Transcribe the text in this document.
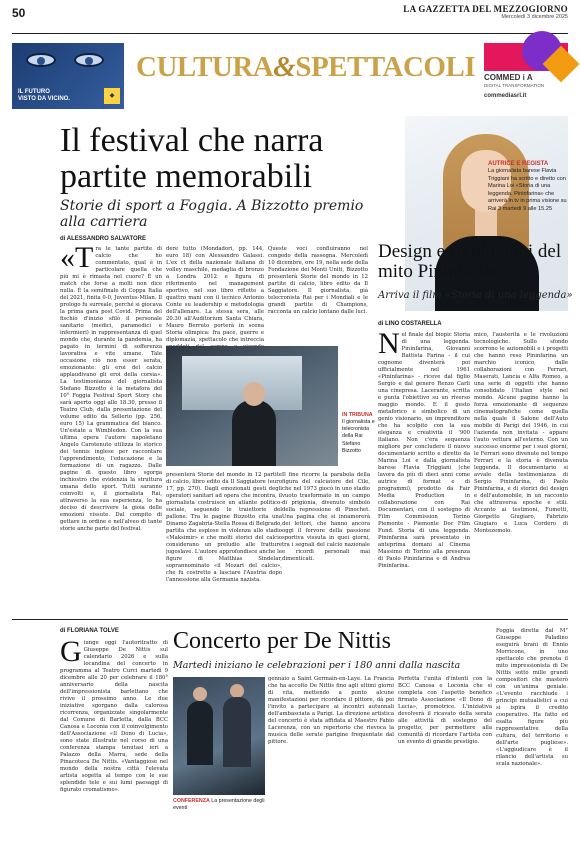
50	LA GAZZETTA DEL MEZZOGIORNO
Mercoledì 3 dicembre 2025
IL FUTURO
VISTO DA VICINO.	◆
CULTURA&SPETTACOLI COMMED i A
DIGITAL TRANSFORMATION
commediasrl.it
Il festival che narra partite memorabili
Storie di sport a Foggia. A Bizzotto premio alla carriera
AUTRICE E REGISTA
La giornalista barese Flavia Triggiani ha scritto e diretto con Marina Loi «Storia di una leggenda. Pininfarina» che arriverà in tv in prima visione su Rai 3 martedì 9 alle 15.25
di ALESSANDRO SALVATORE
«Tra le tante partite di calcio che ho commentato, qual è in particolare quella che più mi è rimasta nel cuore? È un match che forse a molti non dice nulla. È la semifinale di Coppa Italia del 2021, finita 0-0, Juventus-Milan. Il prologo fu surreale, perché si giocava la prima gara post Covid. Prima del fischio d'inizio sfilò il personale sanitario (medici, paramedici e infermieri) in rappresentanza di quel mondo che, durante la pandemia, ha pagato in termini di sofferenza lavorativa e vite umane. Tale occasione ciò non esser serata, emozionante: gli eroi del calcio applaudivano gli eroi della corsia». La testimonianza del giornalista Stefano Bizzotto è la metafora del 10° Foggia Festival Sport Story che sarà aperto oggi alle 18.30, presso il Teatro Club, dalla presentazione del volume edito da Sellerio (pp. 256, euro 15) La grammatica del bianco. Un'estate a Wimbledon. Con la sua ultima opera l'autore napoletano Angelo Carotenuto utilizza lo storico dei tennis inglese per raccontare l'apprendimento, l'educazione e la formazione di un ragazzo. Dalle pagine di questo libro sgorga inchiostro che evidenzia la struttura umana dello sport. Tutti saranno coinvolti e, il giornalista Rai, attraverso la sua esperienza, lo ha deciso di descrivere la gioia delle emozioni vissute. Dal compito di gettare in ordine e nell'alveo di tante storie anche parte del festival.
dere tutto (Mondadori, pp. 144, euro 18) con Alessandro Galassi. L'ex ct della nazionale italiana di volley maschile, medaglia di bronzo a Londra 2012 e figura di riferimento nel management sportivo, nel suo libro riflette a quattro mani con il tecnico Antonio Conte su leadership e metodologia dell'allenare. La stessa sera, alle 20.30 all'Auditorium Santa Chiara, Mauro Berruto porterà in scena Storia olimpica: fra pace, guerre e diplomazia, spettacolo che intreccia
Queste voci confluiranno nel congedo della rassegna. Mercoledì 10 dicembre, ore 19, nella sede della Fondazione dei Monti Uniti, Bizzotto presenterà Storie del mondo in 12 partite di calcio, libro edito da Il Saggiatore. Il giornalista, già telecronista Rai per i Mondiali e le grandi partite di Champions, racconta un calcio lontano dalle luci.
IN TRIBUNA
Il giornalista e telecronista della Rai Stefano Bizzotto
presenterà Storie del mondo in 12 partite di calcio, libro edito da Il Saggiatore (euro 17, pp. 270). Dagli emozionati gesti degli operatori sanitari ad opera che incontra, il giornalista costruisce un atlante politico-sociale, seguendo le traiettorie del pallone. Tra le pagine Bizzotto cita una Dinamo Zagabria-Stella Rossa di Belgrado, partita che esplose in violenza allo stadio «Maksimir» e che molti storici del calcio considerano un preludio alle fratture jugoslave. L'autore approfondisce anche le figure di Matthias Sindelar, soprannominato «il Mozart del calcio», che fu costretto a lasciare l'Austria dopo l'annessione alla Germania nazista.
Il fine ricorre la parabola della figura del calciatore del Cile, che nel 1973 giocò in uno stadio vuoto trasformato in un campo di prigionia, divenuto simbolo della repressione di Pinochet. Una pagina che si innamorerà dei lettori, che hanno ancora oggi il fervore della passione sportiva vissuta in quei giorni, tra i segnali del calcio nazionale e ricordi personali mai dimenticati.
Design e rivoluzioni del mito Pininfarina
Arriva il film «Storia di una leggenda»
di LINO COSTARELLA
Nel finale del biopic Storia di una leggenda. Pininfarina, Giovanni Battista Farina - il cui cognome diventerà poi ufficialmente nel 1961 «Pininfarina» - riceve dal figlio Sergio e dal genero Renzo Carli una cinepresa. Lacerante, scritta e punta l'obiettivo su un riverso maggio mondo. E il gesto metaforico e simbolico di un genio visionario, un imprenditore che ha scolpito con la sua eleganza e creatività il '900 italiano. Non c'era sequenza migliore per concludere il nuovo documentario scritto e diretto da Marina Loi e dalla giornalista barese Flavia Triggiani (che lavora da più di dieci anni come autrice di format e di programmi), prodotto da Fair Media Production in collaborazione con Rai Documentari, con il sostegno di Film Commission Torino Piemonte - Piemonte Doc Film Fund. Storia di una leggenda. Pininfarina sarà presentato in anteprima domani al Cinema Massimo di Torino alla presenza di Paolo Pininfarina e di Andrea Pininfarina.
mico, l'austerità e le rivoluzioni tecnologiche. Sullo sfondo scorrono le automobili e i progetti che hanno reso Pininfarina un marchio iconico, dalle collaborazioni con Ferrari, Maserati, Lancia e Alfa Romeo, a una serie di oggetti che hanno consolidato l'Italian style nel mondo. Alcune pagine hanno la forza emozionante di sequenze cinematografiche come quella nella quale il Salone dell'Auto mobile di Parigi del 1946, in cui l'azienda non invitata - appare l'auto vettura all'esterno. Con un successo enorme per i suoi giorni, le Ferrari sono divenute nel tempo Ferrari e la storia è divenuta leggenda. Il documentario si avvale della testimonianza di Sergio Pininfarina, di Paolo Pininfarina, e di storici del design e dell'automobile, in un racconto che attraversa epoche e stili. Accanto ai testimoni, Fumetti, Giorgetto Giugiaro, Fabrizio Giugiaro e Luca Cordero di Montezemolo.
di FLORIANA TOLVE Concerto per De Nittis
Martedì iniziano le celebrazioni per i 180 anni dalla nascita
Giunge oggi l'autoritratto di Giuseppe De Nittis sul calendario 2026 e sulla locandina del concerto in programma al Teatro Curci martedì 9 dicembre alle 20 per celebrare il 180° anniversario della nascita dell'impressionista barlettano che rivive il prossimo anno. Le due iniziative sgorgano dalla calorosa ricorrenza, organizzate singolarmente dal Comune di Barletta, dalla BCC Canosa e Loconia con il coinvolgimento dell'Associazione «Il Dono di Lucia», sono state illustrate nel corso di una conferenza stampa tenutasi ieri a Palazzo della Marra, sede della Pinacoteca De Nittis. «Vantaggiose nel mondo della nostra città l'elevata artista sogetta al tempo con le sue splendide tele e sui lumi paesaggi di figurato cromatismo».
CONFERENZA La presentazione degli eventi
gennaio a Saint Germain-en-Laye. La Francia che ha accolto De Nittis fino agli ultimi giorni di vita, mettendo a punto alcune manifestazioni per ricordare il pittore, dà poi l'invito a partecipare ai incontri autunnali dell'ambasciata a Parigi. La direzione artistica del concerto è stata affidata al Maestro Fabio Lacerenza, con un repertorio che rievoca la musica delle serate parigine frequentate dal pittore.
Perfetta l'unità d'intenti con la BCC Canosa e Loconia che si completa con l'aspetto benefico firmato Associazione «Il Dono di Lucia», promotrice. L'iniziativa devolverà il ricavato della serata alle attività di sostegno del progetto, per permettere alla comunità di ricordare l'artista con un evento di grande prestigio.
Foggia diretta dal M° Giuseppe Paladino eseguirà brani di Ennio Morricone, in uno spettacolo che prenota il mito impressionista di De Nittis sotto mille grandi compositori che masterò con un'anima geniale. «L'evento racchiude i principi mutualistici a cui si ispira il credito cooperativo. Ha fatto ed esalta figure più rappresentative della cultura, del territorio e dell'arte pugliese». «L'aggiudicare è il rilancio dell'artista su scala nazionale».
